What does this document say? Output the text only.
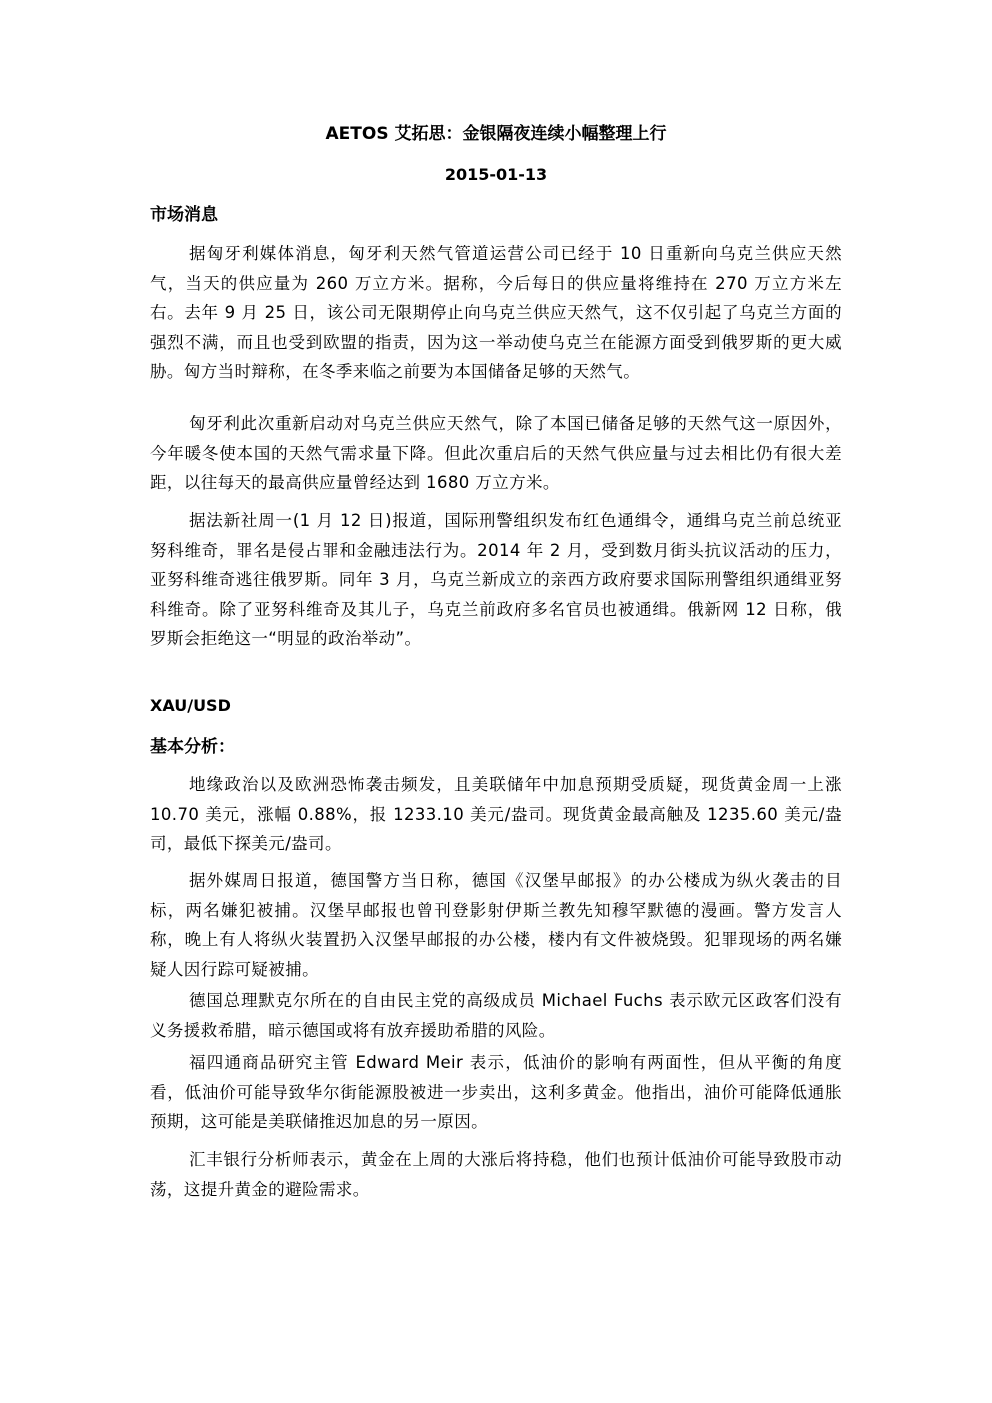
AETOS 艾拓思：金银隔夜连续小幅整理上行
2015-01-13
市场消息

据匈牙利媒体消息，匈牙利天然气管道运营公司已经于 10 日重新向乌克兰供应天然气，当天的供应量为 260 万立方米。据称，今后每日的供应量将维持在 270 万立方米左右。去年 9 月 25 日，该公司无限期停止向乌克兰供应天然气，这不仅引起了乌克兰方面的强烈不满，而且也受到欧盟的指责，因为这一举动使乌克兰在能源方面受到俄罗斯的更大威胁。匈方当时辩称，在冬季来临之前要为本国储备足够的天然气。

匈牙利此次重新启动对乌克兰供应天然气，除了本国已储备足够的天然气这一原因外，今年暖冬使本国的天然气需求量下降。但此次重启后的天然气供应量与过去相比仍有很大差距，以往每天的最高供应量曾经达到 1680 万立方米。

据法新社周一(1 月 12 日)报道，国际刑警组织发布红色通缉令，通缉乌克兰前总统亚努科维奇，罪名是侵占罪和金融违法行为。2014 年 2 月，受到数月街头抗议活动的压力，亚努科维奇逃往俄罗斯。同年 3 月，乌克兰新成立的亲西方政府要求国际刑警组织通缉亚努科维奇。除了亚努科维奇及其儿子，乌克兰前政府多名官员也被通缉。俄新网 12 日称，俄罗斯会拒绝这一“明显的政治举动”。

XAU/USD
基本分析：

地缘政治以及欧洲恐怖袭击频发，且美联储年中加息预期受质疑，现货黄金周一上涨 10.70 美元，涨幅 0.88%，报 1233.10 美元/盎司。现货黄金最高触及 1235.60 美元/盎司，最低下探美元/盎司。

据外媒周日报道，德国警方当日称，德国《汉堡早邮报》的办公楼成为纵火袭击的目标，两名嫌犯被捕。汉堡早邮报也曾刊登影射伊斯兰教先知穆罕默德的漫画。警方发言人称，晚上有人将纵火装置扔入汉堡早邮报的办公楼，楼内有文件被烧毁。犯罪现场的两名嫌疑人因行踪可疑被捕。

德国总理默克尔所在的自由民主党的高级成员 Michael Fuchs 表示欧元区政客们没有义务援救希腊，暗示德国或将有放弃援助希腊的风险。

福四通商品研究主管 Edward Meir 表示，低油价的影响有两面性，但从平衡的角度看，低油价可能导致华尔街能源股被进一步卖出，这利多黄金。他指出，油价可能降低通胀预期，这可能是美联储推迟加息的另一原因。

汇丰银行分析师表示，黄金在上周的大涨后将持稳，他们也预计低油价可能导致股市动荡，这提升黄金的避险需求。
